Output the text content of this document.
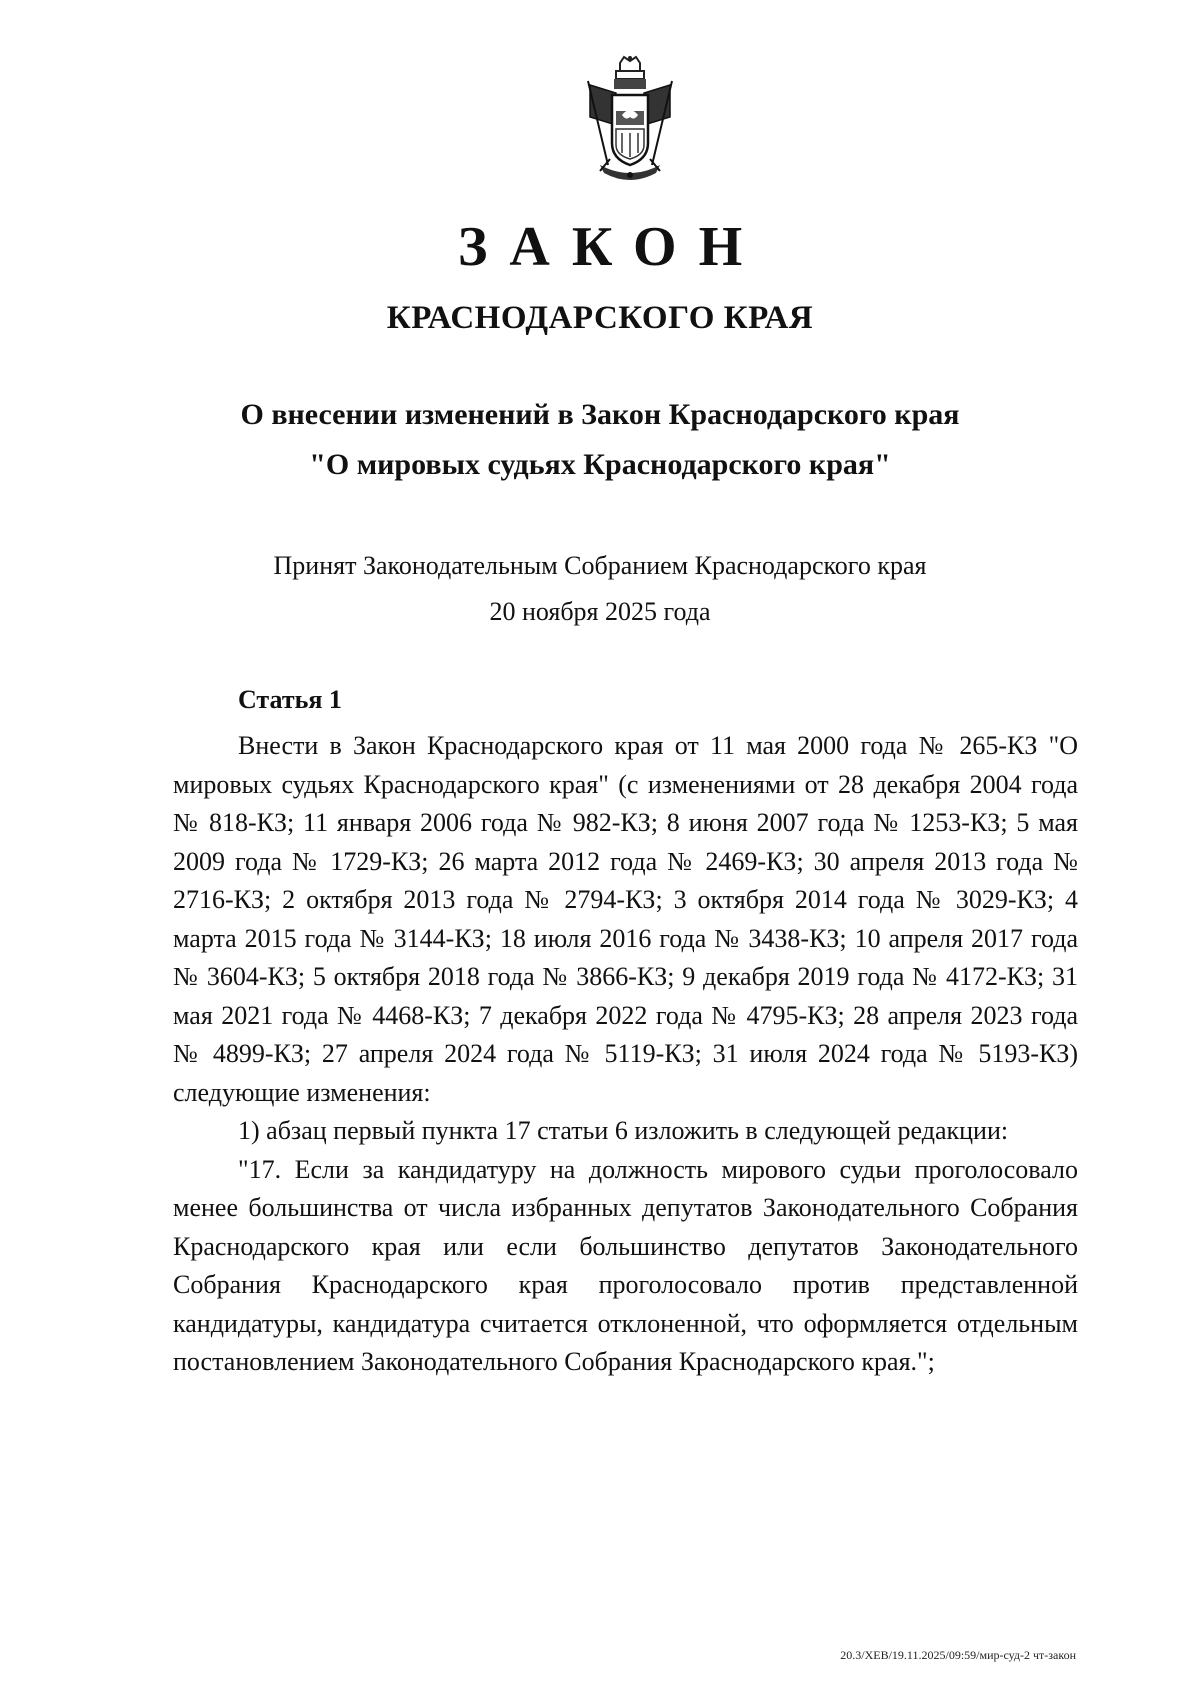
ЗАКОН
КРАСНОДАРСКОГО КРАЯ
О внесении изменений в Закон Краснодарского края
"О мировых судьях Краснодарского края"
Принят Законодательным Собранием Краснодарского края
20 ноября 2025 года
Статья 1

Внести в Закон Краснодарского края от 11 мая 2000 года № 265-КЗ "О мировых судьях Краснодарского края" (с изменениями от 28 декабря 2004 года № 818-КЗ; 11 января 2006 года № 982-КЗ; 8 июня 2007 года № 1253-КЗ; 5 мая 2009 года № 1729-КЗ; 26 марта 2012 года № 2469-КЗ; 30 апреля 2013 года № 2716-КЗ; 2 октября 2013 года № 2794-КЗ; 3 октября 2014 года № 3029-КЗ; 4 марта 2015 года № 3144-КЗ; 18 июля 2016 года № 3438-КЗ; 10 апреля 2017 года № 3604-КЗ; 5 октября 2018 года № 3866-КЗ; 9 декабря 2019 года № 4172-КЗ; 31 мая 2021 года № 4468-КЗ; 7 декабря 2022 года № 4795-КЗ; 28 апреля 2023 года № 4899-КЗ; 27 апреля 2024 года № 5119-КЗ; 31 июля 2024 года № 5193-КЗ) следующие изменения:

1) абзац первый пункта 17 статьи 6 изложить в следующей редакции:

"17. Если за кандидатуру на должность мирового судьи проголосовало менее большинства от числа избранных депутатов Законодательного Собрания Краснодарского края или если большинство депутатов Законодательного Собрания Краснодарского края проголосовало против представленной кандидатуры, кандидатура считается отклоненной, что оформляется отдельным постановлением Законодательного Собрания Краснодарского края.";

20.3/ХЕВ/19.11.2025/09:59/мир-суд-2 чт-закон
